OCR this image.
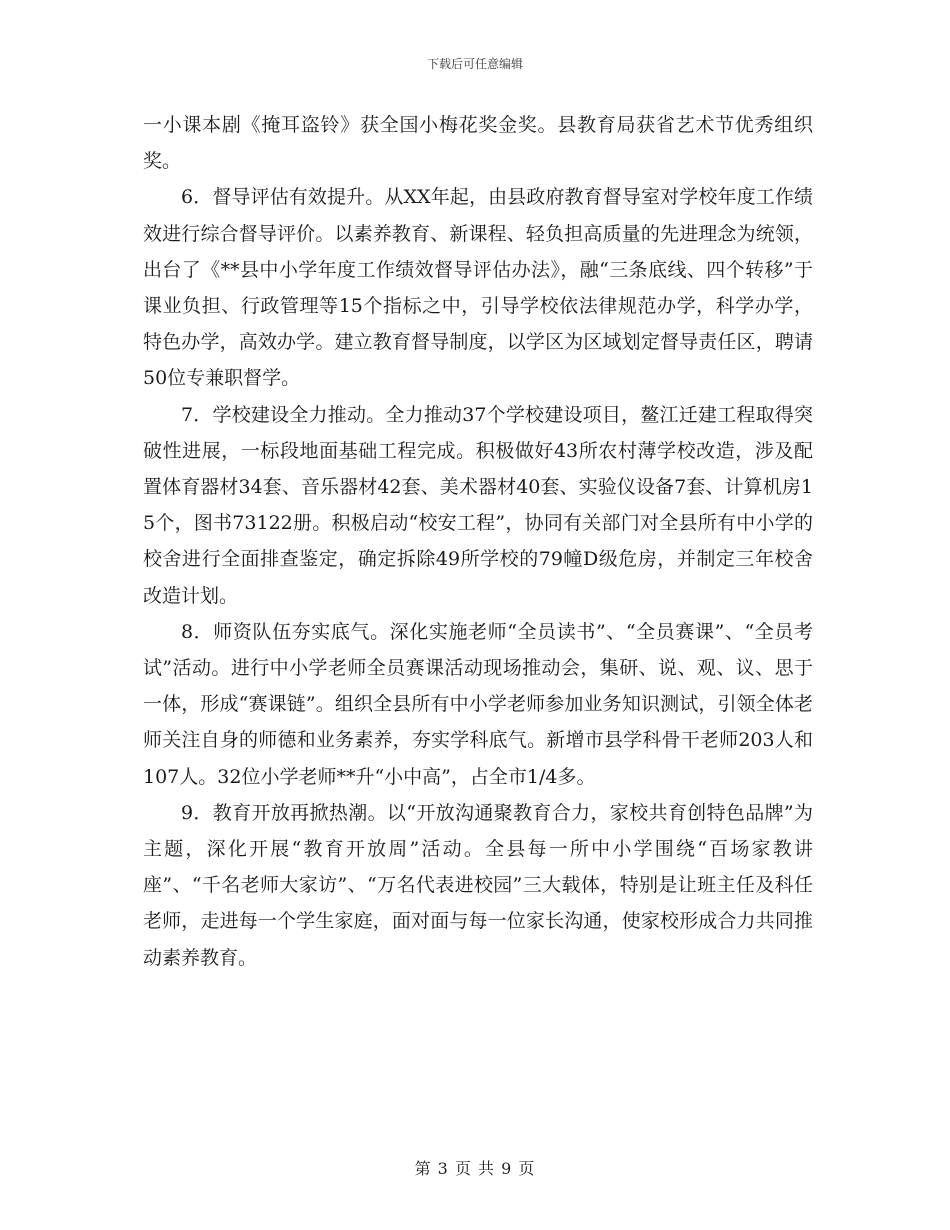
下载后可任意编辑

一小课本剧《掩耳盗铃》获全国小梅花奖金奖。县教育局获省艺术节优秀组织奖。

6．督导评估有效提升。从XX年起，由县政府教育督导室对学校年度工作绩效进行综合督导评价。以素养教育、新课程、轻负担高质量的先进理念为统领，出台了《**县中小学年度工作绩效督导评估办法》，融“三条底线、四个转移”于课业负担、行政管理等15个指标之中，引导学校依法律规范办学，科学办学，特色办学，高效办学。建立教育督导制度，以学区为区域划定督导责任区，聘请50位专兼职督学。

7．学校建设全力推动。全力推动37个学校建设项目，鳌江迁建工程取得突破性进展，一标段地面基础工程完成。积极做好43所农村薄学校改造，涉及配置体育器材34套、音乐器材42套、美术器材40套、实验仪设备7套、计算机房15个，图书73122册。积极启动“校安工程”，协同有关部门对全县所有中小学的校舍进行全面排查鉴定，确定拆除49所学校的79幢D级危房，并制定三年校舍改造计划。

8．师资队伍夯实底气。深化实施老师“全员读书”、“全员赛课”、“全员考试”活动。进行中小学老师全员赛课活动现场推动会，集研、说、观、议、思于一体，形成“赛课链”。组织全县所有中小学老师参加业务知识测试，引领全体老师关注自身的师德和业务素养，夯实学科底气。新增市县学科骨干老师203人和107人。32位小学老师**升“小中高”，占全市1/4多。

9．教育开放再掀热潮。以“开放沟通聚教育合力，家校共育创特色品牌”为主题，深化开展“教育开放周”活动。全县每一所中小学围绕“百场家教讲座”、“千名老师大家访”、“万名代表进校园”三大载体，特别是让班主任及科任老师，走进每一个学生家庭，面对面与每一位家长沟通，使家校形成合力共同推动素养教育。

第 3 页 共 9 页
